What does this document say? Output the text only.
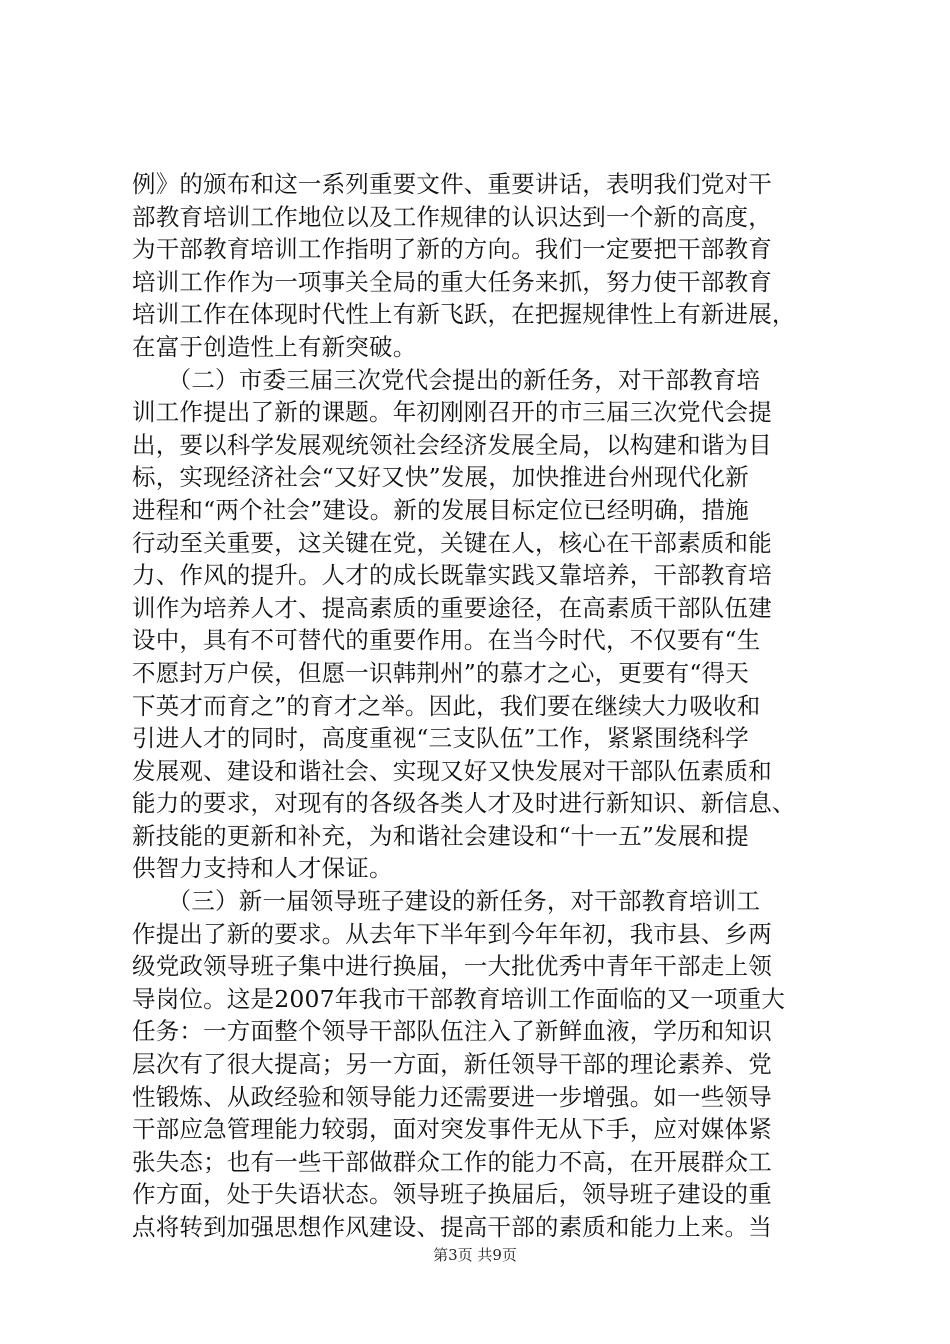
例》的颁布和这一系列重要文件、重要讲话，表明我们党对干
部教育培训工作地位以及工作规律的认识达到一个新的高度，
为干部教育培训工作指明了新的方向。我们一定要把干部教育
培训工作作为一项事关全局的重大任务来抓，努力使干部教育
培训工作在体现时代性上有新飞跃，在把握规律性上有新进展，
在富于创造性上有新突破。
　　（二）市委三届三次党代会提出的新任务，对干部教育培
训工作提出了新的课题。年初刚刚召开的市三届三次党代会提
出，要以科学发展观统领社会经济发展全局，以构建和谐为目
标，实现经济社会“又好又快”发展，加快推进台州现代化新
进程和“两个社会”建设。新的发展目标定位已经明确，措施
行动至关重要，这关键在党，关键在人，核心在干部素质和能
力、作风的提升。人才的成长既靠实践又靠培养，干部教育培
训作为培养人才、提高素质的重要途径，在高素质干部队伍建
设中，具有不可替代的重要作用。在当今时代，不仅要有“生
不愿封万户侯，但愿一识韩荆州”的慕才之心，更要有“得天
下英才而育之”的育才之举。因此，我们要在继续大力吸收和
引进人才的同时，高度重视“三支队伍”工作，紧紧围绕科学
发展观、建设和谐社会、实现又好又快发展对干部队伍素质和
能力的要求，对现有的各级各类人才及时进行新知识、新信息、
新技能的更新和补充，为和谐社会建设和“十一五”发展和提
供智力支持和人才保证。
　　（三）新一届领导班子建设的新任务，对干部教育培训工
作提出了新的要求。从去年下半年到今年年初，我市县、乡两
级党政领导班子集中进行换届，一大批优秀中青年干部走上领
导岗位。这是2007年我市干部教育培训工作面临的又一项重大
任务：一方面整个领导干部队伍注入了新鲜血液，学历和知识
层次有了很大提高；另一方面，新任领导干部的理论素养、党
性锻炼、从政经验和领导能力还需要进一步增强。如一些领导
干部应急管理能力较弱，面对突发事件无从下手，应对媒体紧
张失态；也有一些干部做群众工作的能力不高，在开展群众工
作方面，处于失语状态。领导班子换届后，领导班子建设的重
点将转到加强思想作风建设、提高干部的素质和能力上来。当
第3页 共9页
